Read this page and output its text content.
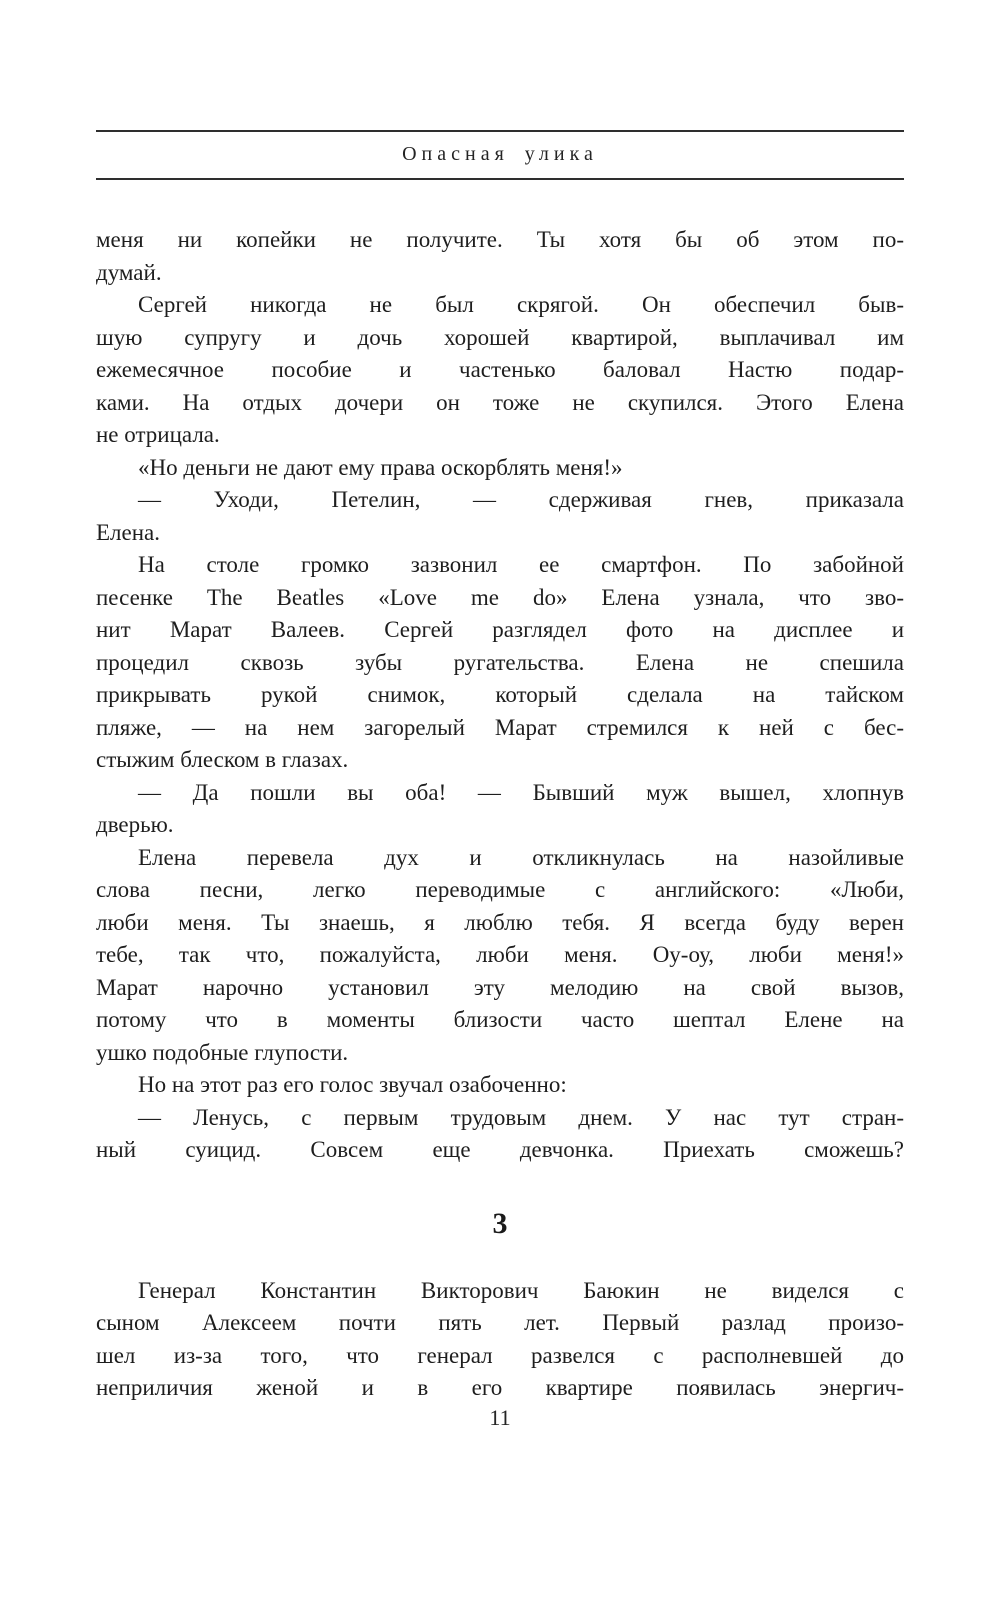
Опасная улика
меня ни копейки не получите. Ты хотя бы об этом по-
думай.
Сергей никогда не был скрягой. Он обеспечил быв-
шую супругу и дочь хорошей квартирой, выплачивал им
ежемесячное пособие и частенько баловал Настю подар-
ками. На отдых дочери он тоже не скупился. Этого Елена
не отрицала.
«Но деньги не дают ему права оскорблять меня!»
— Уходи, Петелин, — сдерживая гнев, приказала
Елена.
На столе громко зазвонил ее смартфон. По забойной
песенке The Beatles «Love me do» Елена узнала, что зво-
нит Марат Валеев. Сергей разглядел фото на дисплее и
процедил сквозь зубы ругательства. Елена не спешила
прикрывать рукой снимок, который сделала на тайском
пляже, — на нем загорелый Марат стремился к ней с бес-
стыжим блеском в глазах.
— Да пошли вы оба! — Бывший муж вышел, хлопнув
дверью.
Елена перевела дух и откликнулась на назойливые
слова песни, легко переводимые с английского: «Люби,
люби меня. Ты знаешь, я люблю тебя. Я всегда буду верен
тебе, так что, пожалуйста, люби меня. Оу-оу, люби меня!»
Марат нарочно установил эту мелодию на свой вызов,
потому что в моменты близости часто шептал Елене на
ушко подобные глупости.
Но на этот раз его голос звучал озабоченно:
— Ленусь, с первым трудовым днем. У нас тут стран-
ный суицид. Совсем еще девчонка. Приехать сможешь?
3
Генерал Константин Викторович Баюкин не виделся с
сыном Алексеем почти пять лет. Первый разлад произо-
шел из-за того, что генерал развелся с располневшей до
неприличия женой и в его квартире появилась энергич-
11
